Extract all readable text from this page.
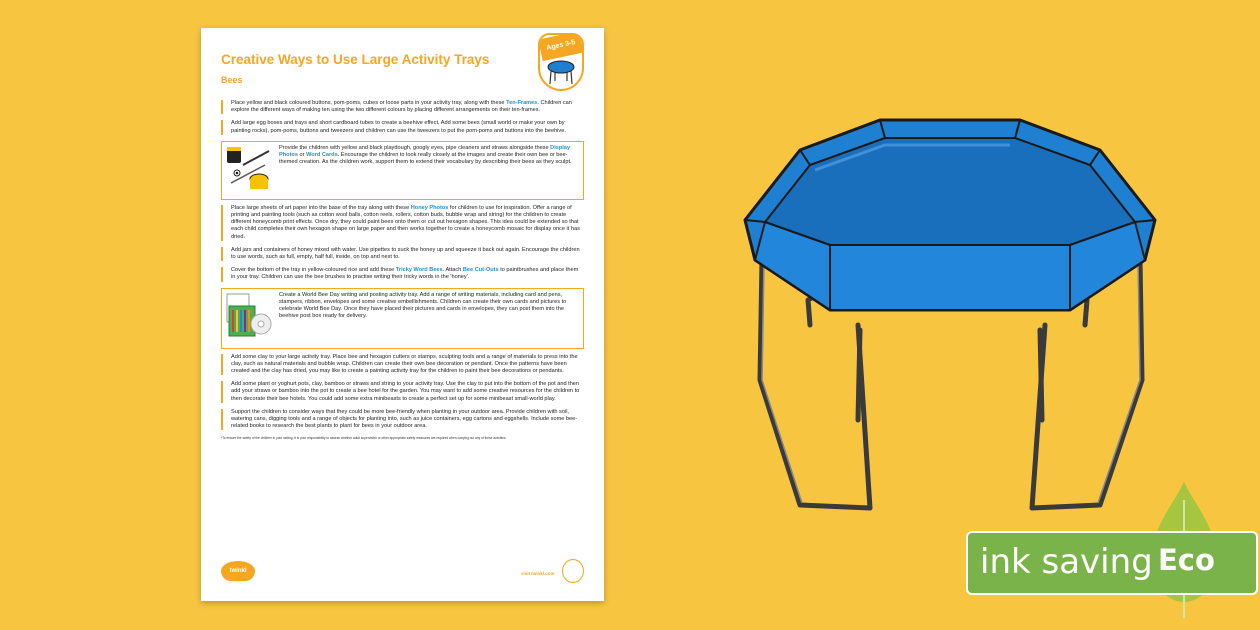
Creative Ways to Use Large Activity Trays

Bees

Ages 3-5

Place yellow and black coloured buttons, pom-poms, cubes or loose parts in your activity tray, along with these Ten-Frames. Children can explore the different ways of making ten using the two different colours by placing different arrangements on their ten-frames.

Add large egg boxes and trays and short cardboard tubes to create a beehive effect. Add some bees (small world or make your own by painting rocks), pom-poms, buttons and tweezers and children can use the tweezers to put the pom-poms and buttons into the beehive.

Provide the children with yellow and black playdough, googly eyes, pipe cleaners and straws alongside these Display Photos or Word Cards. Encourage the children to look really closely at the images and create their own bee or bee-themed creation. As the children work, support them to extend their vocabulary by describing their bees as they sculpt.

Place large sheets of art paper into the base of the tray along with these Honey Photos for children to use for inspiration. Offer a range of printing and painting tools (such as cotton wool balls, cotton reels, rollers, cotton buds, bubble wrap and string) for the children to create different honeycomb print effects. Once dry, they could paint bees onto them or cut out hexagon shapes. This idea could be extended so that each child completes their own hexagon shape on large paper and then works together to create a honeycomb mosaic for display once it has dried.

Add jars and containers of honey mixed with water. Use pipettes to suck the honey up and squeeze it back out again. Encourage the children to use words, such as full, empty, half full, inside, on top and next to.

Cover the bottom of the tray in yellow-coloured rice and add these Tricky Word Bees. Attach Bee Cut-Outs to paintbrushes and place them in your tray. Children can use the bee brushes to practise writing their tricky words in the 'honey'.

Create a World Bee Day writing and posting activity tray. Add a range of writing materials, including card and pens, stampers, ribbon, envelopes and some creative embellishments. Children can create their own cards and pictures to celebrate World Bee Day. Once they have placed their pictures and cards in envelopes, they can post them into the beehive post box ready for delivery.

Add some clay to your large activity tray. Place bee and hexagon cutters or stamps, sculpting tools and a range of materials to press into the clay, such as natural materials and bubble wrap. Children can create their own bee decoration or pendant. Once the patterns have been created and the clay has dried, you may like to create a painting activity tray for the children to paint their bee decorations or pendants.

Add some plant or yoghurt pots, clay, bamboo or straws and string to your activity tray. Use the clay to put into the bottom of the pot and then add your straws or bamboo into the pot to create a bee hotel for the garden. You may want to add some creative resources for the children to then decorate their bee hotels. You could add some extra minibeasts to create a perfect set up for some minibeast small-world play.

Support the children to consider ways that they could be more bee-friendly when planting in your outdoor area. Provide children with soil, watering cans, digging tools and a range of objects for planting into, such as juice containers, egg cartons and eggshells. Include some bee-related books to research the best plants to plant for bees in your outdoor area.

*To ensure the safety of the children in your setting, it is your responsibility to assess whether adult supervision or other appropriate safety measures are required when carrying out any of these activities.

twinkl	visit twinkl.com	ink saving Eco
